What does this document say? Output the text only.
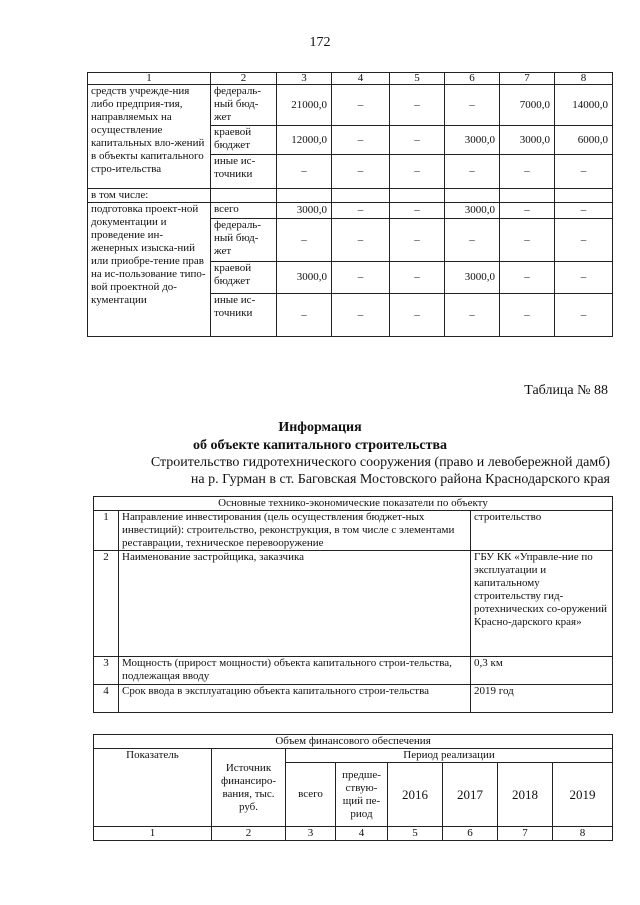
172
1	2	3	4	5	6	7	8
средств учрежде-ния либо предприя-тия, направляемых на осуществление капитальных вло-жений в объекты капитального стро-ительства	федераль-ный бюд-жет	21000,0	–	–	–	7000,0	14000,0
	краевой бюджет	12000,0	–	–	3000,0	3000,0	6000,0
	иные ис-точники	–	–	–	–	–	–
в том числе:							
подготовка проект-ной документации и проведение ин-женерных изыска-ний или приобре-тение прав на ис-пользование типо-вой проектной до-кументации	всего	3000,0	–	–	3000,0	–	–
	федераль-ный бюд-жет	–	–	–	–	–	–
	краевой бюджет	3000,0	–	–	3000,0	–	–
	иные ис-точники	–	–	–	–	–	–
Таблица № 88
Информация
об объекте капитального строительства
Строительство гидротехнического сооружения (право и левобережной дамб)
на р. Гурман в ст. Баговская Мостовского района Краснодарского края
Основные технико-экономические показатели по объекту		
1	Направление инвестирования (цель осуществления бюджет-ных инвестиций): строительство, реконструкция, в том числе с элементами реставрации, техническое перевооружение	строительство
2	Наименование застройщика, заказчика	ГБУ КК «Управле-ние по эксплуатации и капитальному строительству гид-ротехнических со-оружений Красно-дарского края»
3	Мощность (прирост мощности) объекта капитального строи-тельства, подлежащая вводу	0,3 км
4	Срок ввода в эксплуатацию объекта капитального строи-тельства	2019 год
Объем финансового обеспечения							
Показатель	Источник финансиро-вания, тыс. руб.	Период реализации					
		всего	предше-ствую-щий пе-риод	2016	2017	2018	2019
1	2	3	4	5	6	7	8
